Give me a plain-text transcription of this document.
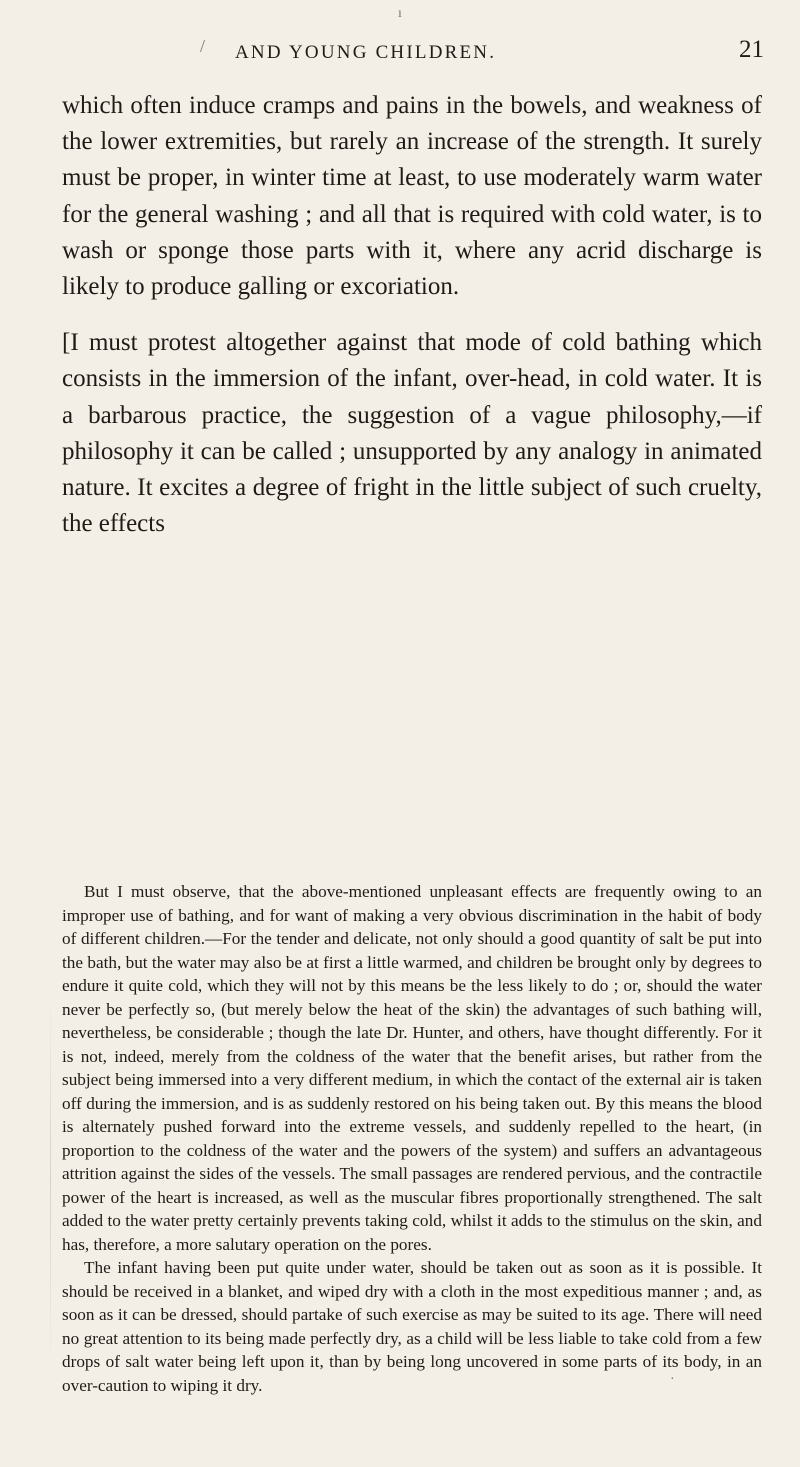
ı
/ AND YOUNG CHILDREN.	21

which often induce cramps and pains in the bowels, and weakness of the lower extremities, but rarely an increase of the strength. It surely must be proper, in winter time at least, to use moderately warm water for the general washing ; and all that is required with cold water, is to wash or sponge those parts with it, where any acrid discharge is likely to produce galling or excoriation.

[I must protest altogether against that mode of cold bathing which consists in the immersion of the infant, over-head, in cold water. It is a barbarous practice, the suggestion of a vague philosophy,—if philosophy it can be called ; unsupported by any analogy in animated nature. It excites a degree of fright in the little subject of such cruelty, the effects

But I must observe, that the above-mentioned unpleasant effects are frequently owing to an improper use of bathing, and for want of making a very obvious discrimination in the habit of body of different children.—For the tender and delicate, not only should a good quantity of salt be put into the bath, but the water may also be at first a little warmed, and children be brought only by degrees to endure it quite cold, which they will not by this means be the less likely to do ; or, should the water never be perfectly so, (but merely below the heat of the skin) the advantages of such bathing will, nevertheless, be considerable ; though the late Dr. Hunter, and others, have thought differently. For it is not, indeed, merely from the coldness of the water that the benefit arises, but rather from the subject being immersed into a very different medium, in which the contact of the external air is taken off during the immersion, and is as suddenly restored on his being taken out. By this means the blood is alternately pushed forward into the extreme vessels, and suddenly repelled to the heart, (in proportion to the coldness of the water and the powers of the system) and suffers an advantageous attrition against the sides of the vessels. The small passages are rendered pervious, and the contractile power of the heart is increased, as well as the muscular fibres proportionally strengthened. The salt added to the water pretty certainly prevents taking cold, whilst it adds to the stimulus on the skin, and has, therefore, a more salutary operation on the pores.

The infant having been put quite under water, should be taken out as soon as it is possible. It should be received in a blanket, and wiped dry with a cloth in the most expeditious manner ; and, as soon as it can be dressed, should partake of such exercise as may be suited to its age. There will need no great attention to its being made perfectly dry, as a child will be less liable to take cold from a few drops of salt water being left upon it, than by being long uncovered in some parts of its body, in an over-caution to wiping it dry.	·
